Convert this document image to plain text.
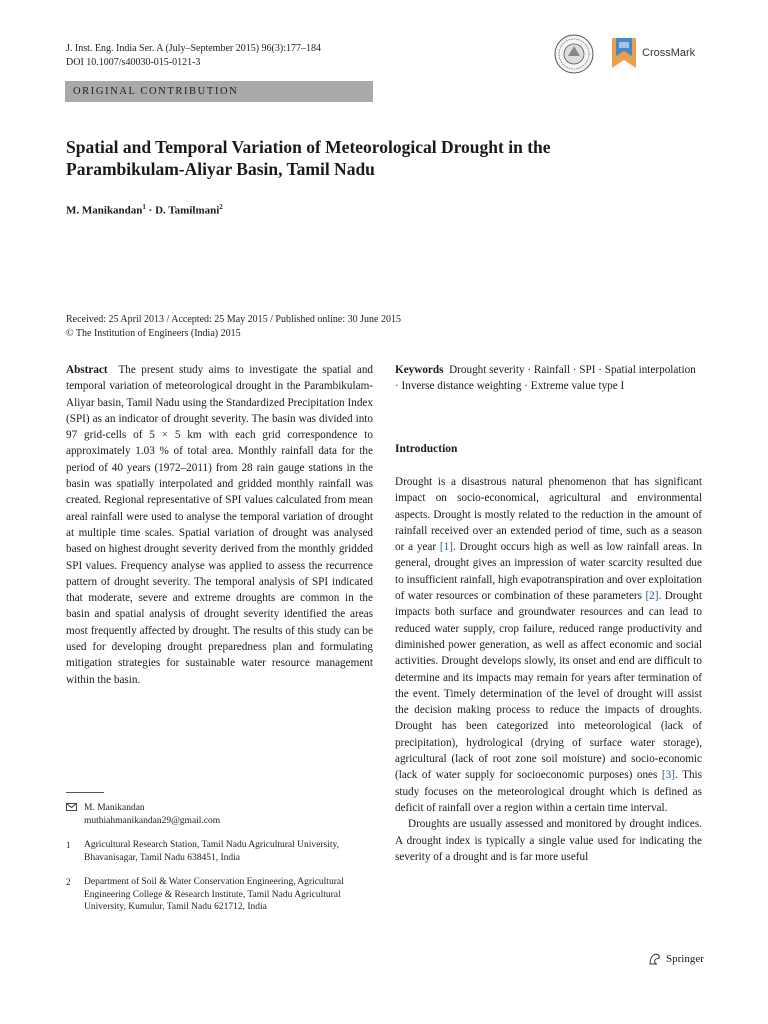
J. Inst. Eng. India Ser. A (July–September 2015) 96(3):177–184
DOI 10.1007/s40030-015-0121-3
ORIGINAL CONTRIBUTION
CrossMark
Spatial and Temporal Variation of Meteorological Drought in the Parambikulam-Aliyar Basin, Tamil Nadu
M. Manikandan$^1$ · D. Tamilmani$^2$
Received: 25 April 2013 / Accepted: 25 May 2015 / Published online: 30 June 2015
© The Institution of Engineers (India) 2015
Abstract The present study aims to investigate the spatial and temporal variation of meteorological drought in the Parambikulam-Aliyar basin, Tamil Nadu using the Standardized Precipitation Index (SPI) as an indicator of drought severity. The basin was divided into 97 grid-cells of 5 × 5 km with each grid correspondence to approximately 1.03 % of total area. Monthly rainfall data for the period of 40 years (1972–2011) from 28 rain gauge stations in the basin was spatially interpolated and gridded monthly rainfall was created. Regional representative of SPI values calculated from mean areal rainfall were used to analyse the temporal variation of drought at multiple time scales. Spatial variation of drought was analysed based on highest drought severity derived from the monthly gridded SPI values. Frequency analyse was applied to assess the recurrence pattern of drought severity. The temporal analysis of SPI indicated that moderate, severe and extreme droughts are common in the basin and spatial analysis of drought severity identified the areas most frequently affected by drought. The results of this study can be used for developing drought preparedness plan and formulating mitigation strategies for sustainable water resource management within the basin.
Keywords Drought severity · Rainfall · SPI · Spatial interpolation · Inverse distance weighting · Extreme value type I
Introduction

Drought is a disastrous natural phenomenon that has significant impact on socio-economical, agricultural and environmental aspects. Drought is mostly related to the reduction in the amount of rainfall received over an extended period of time, such as a season or a year [1]. Drought occurs high as well as low rainfall areas. In general, drought gives an impression of water scarcity resulted due to insufficient rainfall, high evapotranspiration and over exploitation of water resources or combination of these parameters [2]. Drought impacts both surface and groundwater resources and can lead to reduced water supply, crop failure, reduced range productivity and diminished power generation, as well as affect economic and social activities. Drought develops slowly, its onset and end are difficult to determine and its impacts may remain for years after termination of the event. Timely determination of the level of drought will assist the decision making process to reduce the impacts of droughts. Drought has been categorized into meteorological (lack of precipitation), hydrological (drying of surface water storage), agricultural (lack of root zone soil moisture) and socio-economic (lack of water supply for socioeconomic purposes) ones [3]. This study focuses on the meteorological drought which is defined as deficit of rainfall over a region within a certain time interval.

Droughts are usually assessed and monitored by drought indices. A drought index is typically a single value used for indicating the severity of a drought and is far more useful

M. Manikandan
muthiahmanikandan29@gmail.com
1	Agricultural Research Station, Tamil Nadu Agricultural University, Bhavanisagar, Tamil Nadu 638451, India
2	Department of Soil & Water Conservation Engineering, Agricultural Engineering College & Research Institute, Tamil Nadu Agricultural University, Kumulur, Tamil Nadu 621712, India
Springer
